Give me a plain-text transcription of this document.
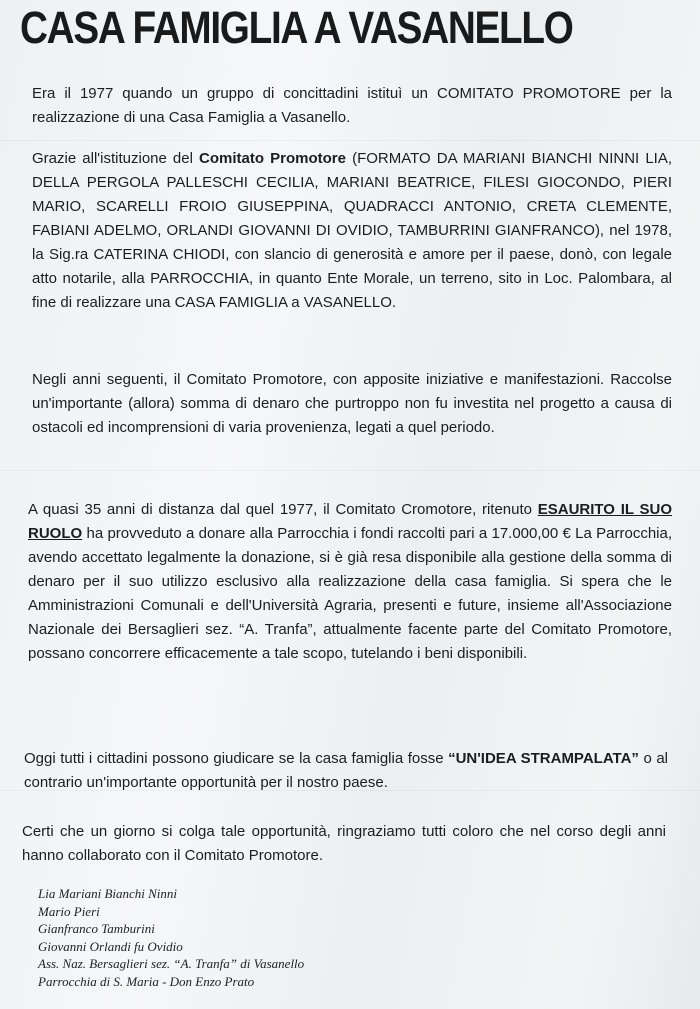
CASA FAMIGLIA A VASANELLO

Era il 1977 quando un gruppo di concittadini istituì un COMITATO PROMOTORE per la realizzazione di una Casa Famiglia a Vasanello.

Grazie all'istituzione del Comitato Promotore (FORMATO DA MARIANI BIANCHI NINNI LIA, DELLA PERGOLA PALLESCHI CECILIA, MARIANI BEATRICE, FILESI GIOCONDO, PIERI MARIO, SCARELLI FROIO GIUSEPPINA, QUADRACCI ANTONIO, CRETA CLEMENTE, FABIANI ADELMO, ORLANDI GIOVANNI DI OVIDIO, TAMBURRINI GIANFRANCO), nel 1978, la Sig.ra CATERINA CHIODI, con slancio di generosità e amore per il paese, donò, con legale atto notarile, alla PARROCCHIA, in quanto Ente Morale, un terreno, sito in Loc. Palombara, al fine di realizzare una CASA FAMIGLIA a VASANELLO.

Negli anni seguenti, il Comitato Promotore, con apposite iniziative e manifestazioni. Raccolse un'importante (allora) somma di denaro che purtroppo non fu investita nel progetto a causa di ostacoli ed incomprensioni di varia provenienza, legati a quel periodo.

A quasi 35 anni di distanza dal quel 1977, il Comitato Cromotore, ritenuto ESAURITO IL SUO RUOLO ha provveduto a donare alla Parrocchia i fondi raccolti pari a 17.000,00 € La Parrocchia, avendo accettato legalmente la donazione, si è già resa disponibile alla gestione della somma di denaro per il suo utilizzo esclusivo alla realizzazione della casa famiglia. Si spera che le Amministrazioni Comunali e dell'Università Agraria, presenti e future, insieme all'Associazione Nazionale dei Bersaglieri sez. “A. Tranfa”, attualmente facente parte del Comitato Promotore, possano concorrere efficacemente a tale scopo, tutelando i beni disponibili.

Oggi tutti i cittadini possono giudicare se la casa famiglia fosse “UN'IDEA STRAMPALATA” o al contrario un'importante opportunità per il nostro paese.

Certi che un giorno si colga tale opportunità, ringraziamo tutti coloro che nel corso degli anni hanno collaborato con il Comitato Promotore.

Lia Mariani Bianchi Ninni
Mario Pieri
Gianfranco Tamburini
Giovanni Orlandi fu Ovidio
Ass. Naz. Bersaglieri sez. “A. Tranfa” di Vasanello
Parrocchia di S. Maria - Don Enzo Prato
